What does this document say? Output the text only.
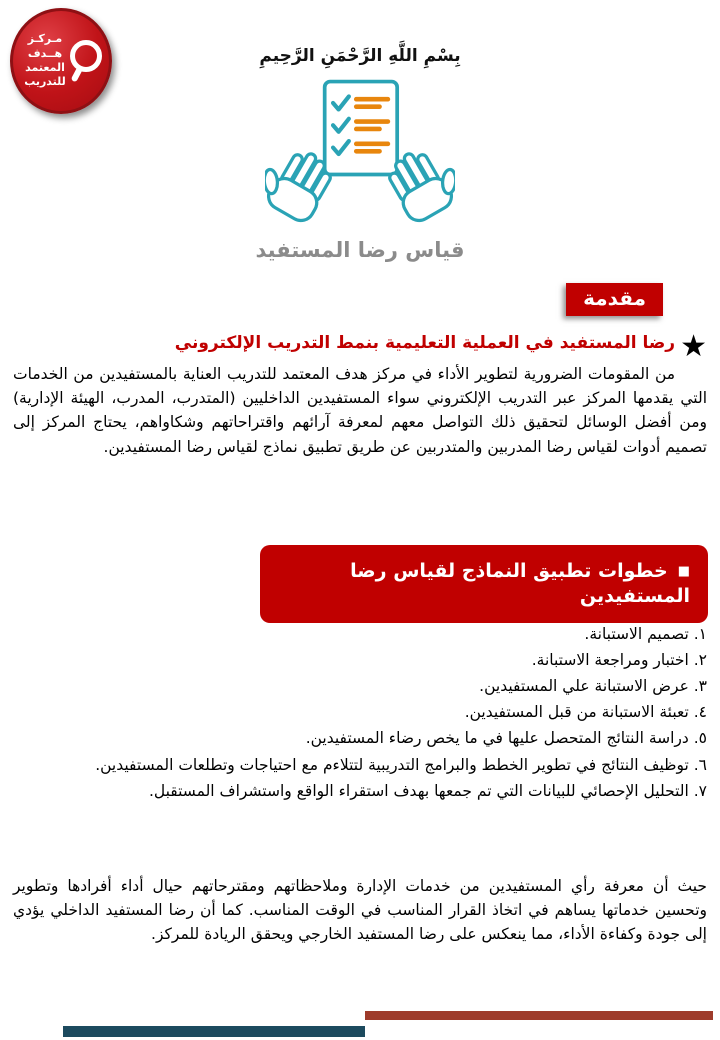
مـركـز
هــدف
المعتمد
للتدريب
بِسْمِ اللَّهِ الرَّحْمَنِ الرَّحِيمِ
قياس رضا المستفيد
مقدمة
★
رضا المستفيد في العملية التعليمية بنمط التدريب الإلكتروني

من المقومات الضرورية لتطوير الأداء في مركز هدف المعتمد للتدريب العناية بالمستفيدين من الخدمات التي يقدمها المركز عبر التدريب الإلكتروني سواء المستفيدين الداخليين (المتدرب، المدرب، الهيئة الإدارية) ومن أفضل الوسائل لتحقيق ذلك التواصل معهم لمعرفة آرائهم واقتراحاتهم وشكاواهم، يحتاج المركز إلى تصميم أدوات لقياس رضا المدربين والمتدربين عن طريق تطبيق نماذج لقياس رضا المستفيدين.

■خطوات تطبيق النماذج لقياس رضا المستفيدين
١. تصميم الاستبانة.
٢. اختبار ومراجعة الاستبانة.
٣. عرض الاستبانة علي المستفيدين.
٤. تعبئة الاستبانة من قبل المستفيدين.
٥. دراسة النتائج المتحصل عليها في ما يخص رضاء المستفيدين.
٦. توظيف النتائج في تطوير الخطط والبرامج التدريبية لتتلاءم مع احتياجات وتطلعات المستفيدين.
٧. التحليل الإحصائي للبيانات التي تم جمعها بهدف استقراء الواقع واستشراف المستقبل.

حيث أن معرفة رأي المستفيدين من خدمات الإدارة وملاحظاتهم ومقترحاتهم حيال أداء أفرادها وتطوير وتحسين خدماتها يساهم في اتخاذ القرار المناسب في الوقت المناسب. كما أن رضا المستفيد الداخلي يؤدي إلى جودة وكفاءة الأداء، مما ينعكس على رضا المستفيد الخارجي ويحقق الريادة للمركز.
